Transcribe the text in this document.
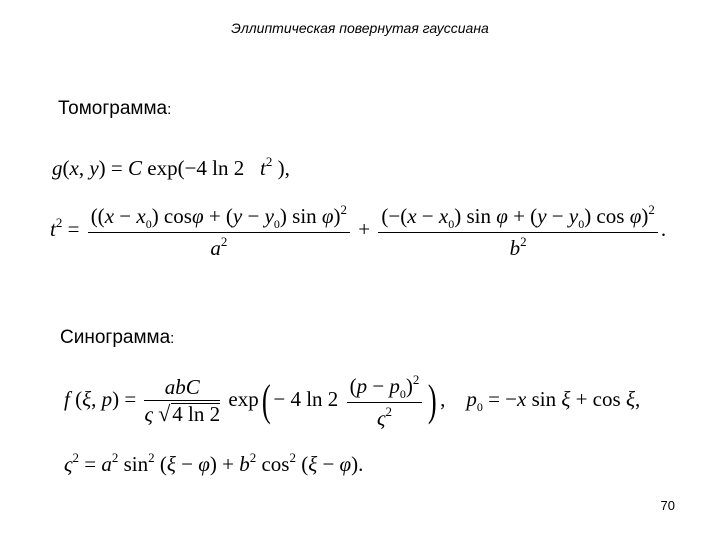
Эллиптическая повернутая гауссиана
Томограмма:
g(x, y) = C exp(−4 ln 2   $t^2$ ),
$t^2 = \frac{((x - x_0) \cos\varphi + (y - y_0) \sin \varphi)^2}{a^2} + \frac{(-(x - x_0) \sin \varphi + (y - y_0) \cos \varphi)^2}{b^2}$ .
Синограмма:
f (ξ, $p) = \frac{\text{abC}}{\varsigma √4 \ln 2} \exp( - 4$ $\ln 2 \frac{(p - p_0)^2}{\varsigma^2}$ ) ,    $p_0 = -x$ sin ξ + cos ξ,
$\varsigma^2 = a^2$ $\sin^2 (\xi - \varphi) + b^2$ $\cos^2 (\xi - \varphi)$.
70
